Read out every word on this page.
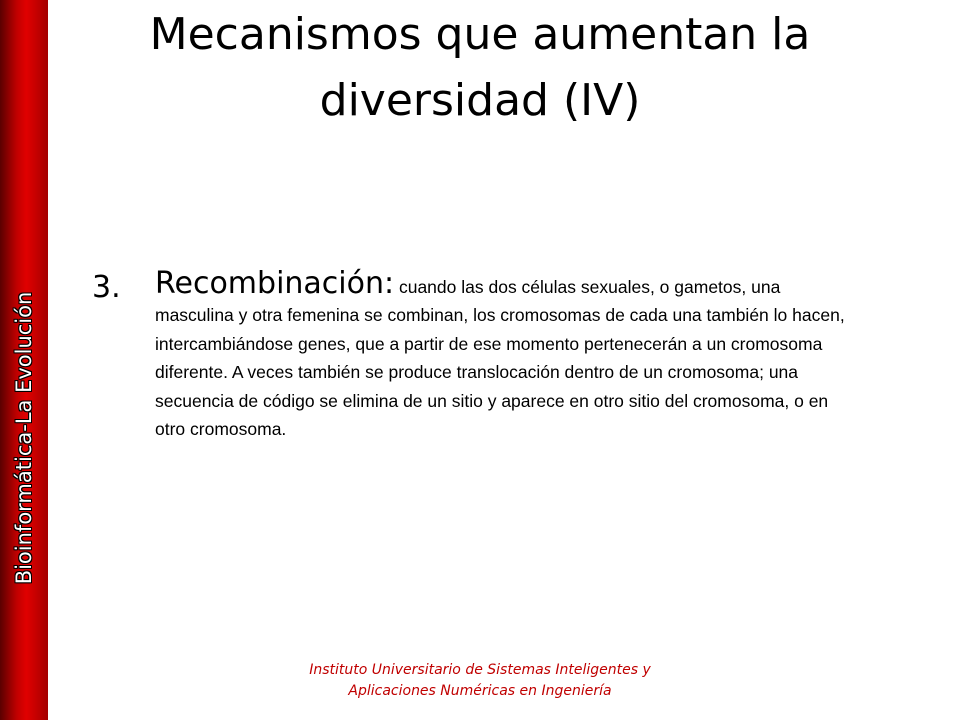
Bioinformática-La Evolución
Mecanismos que aumentan la diversidad (IV)
3. Recombinación: cuando las dos células sexuales, o gametos, una masculina y otra femenina se combinan, los cromosomas de cada una también lo hacen, intercambiándose genes, que a partir de ese momento pertenecerán a un cromosoma diferente. A veces también se produce translocación dentro de un cromosoma; una secuencia de código se elimina de un sitio y aparece en otro sitio del cromosoma, o en otro cromosoma.
Instituto Universitario de Sistemas Inteligentes y
Aplicaciones Numéricas en Ingeniería
